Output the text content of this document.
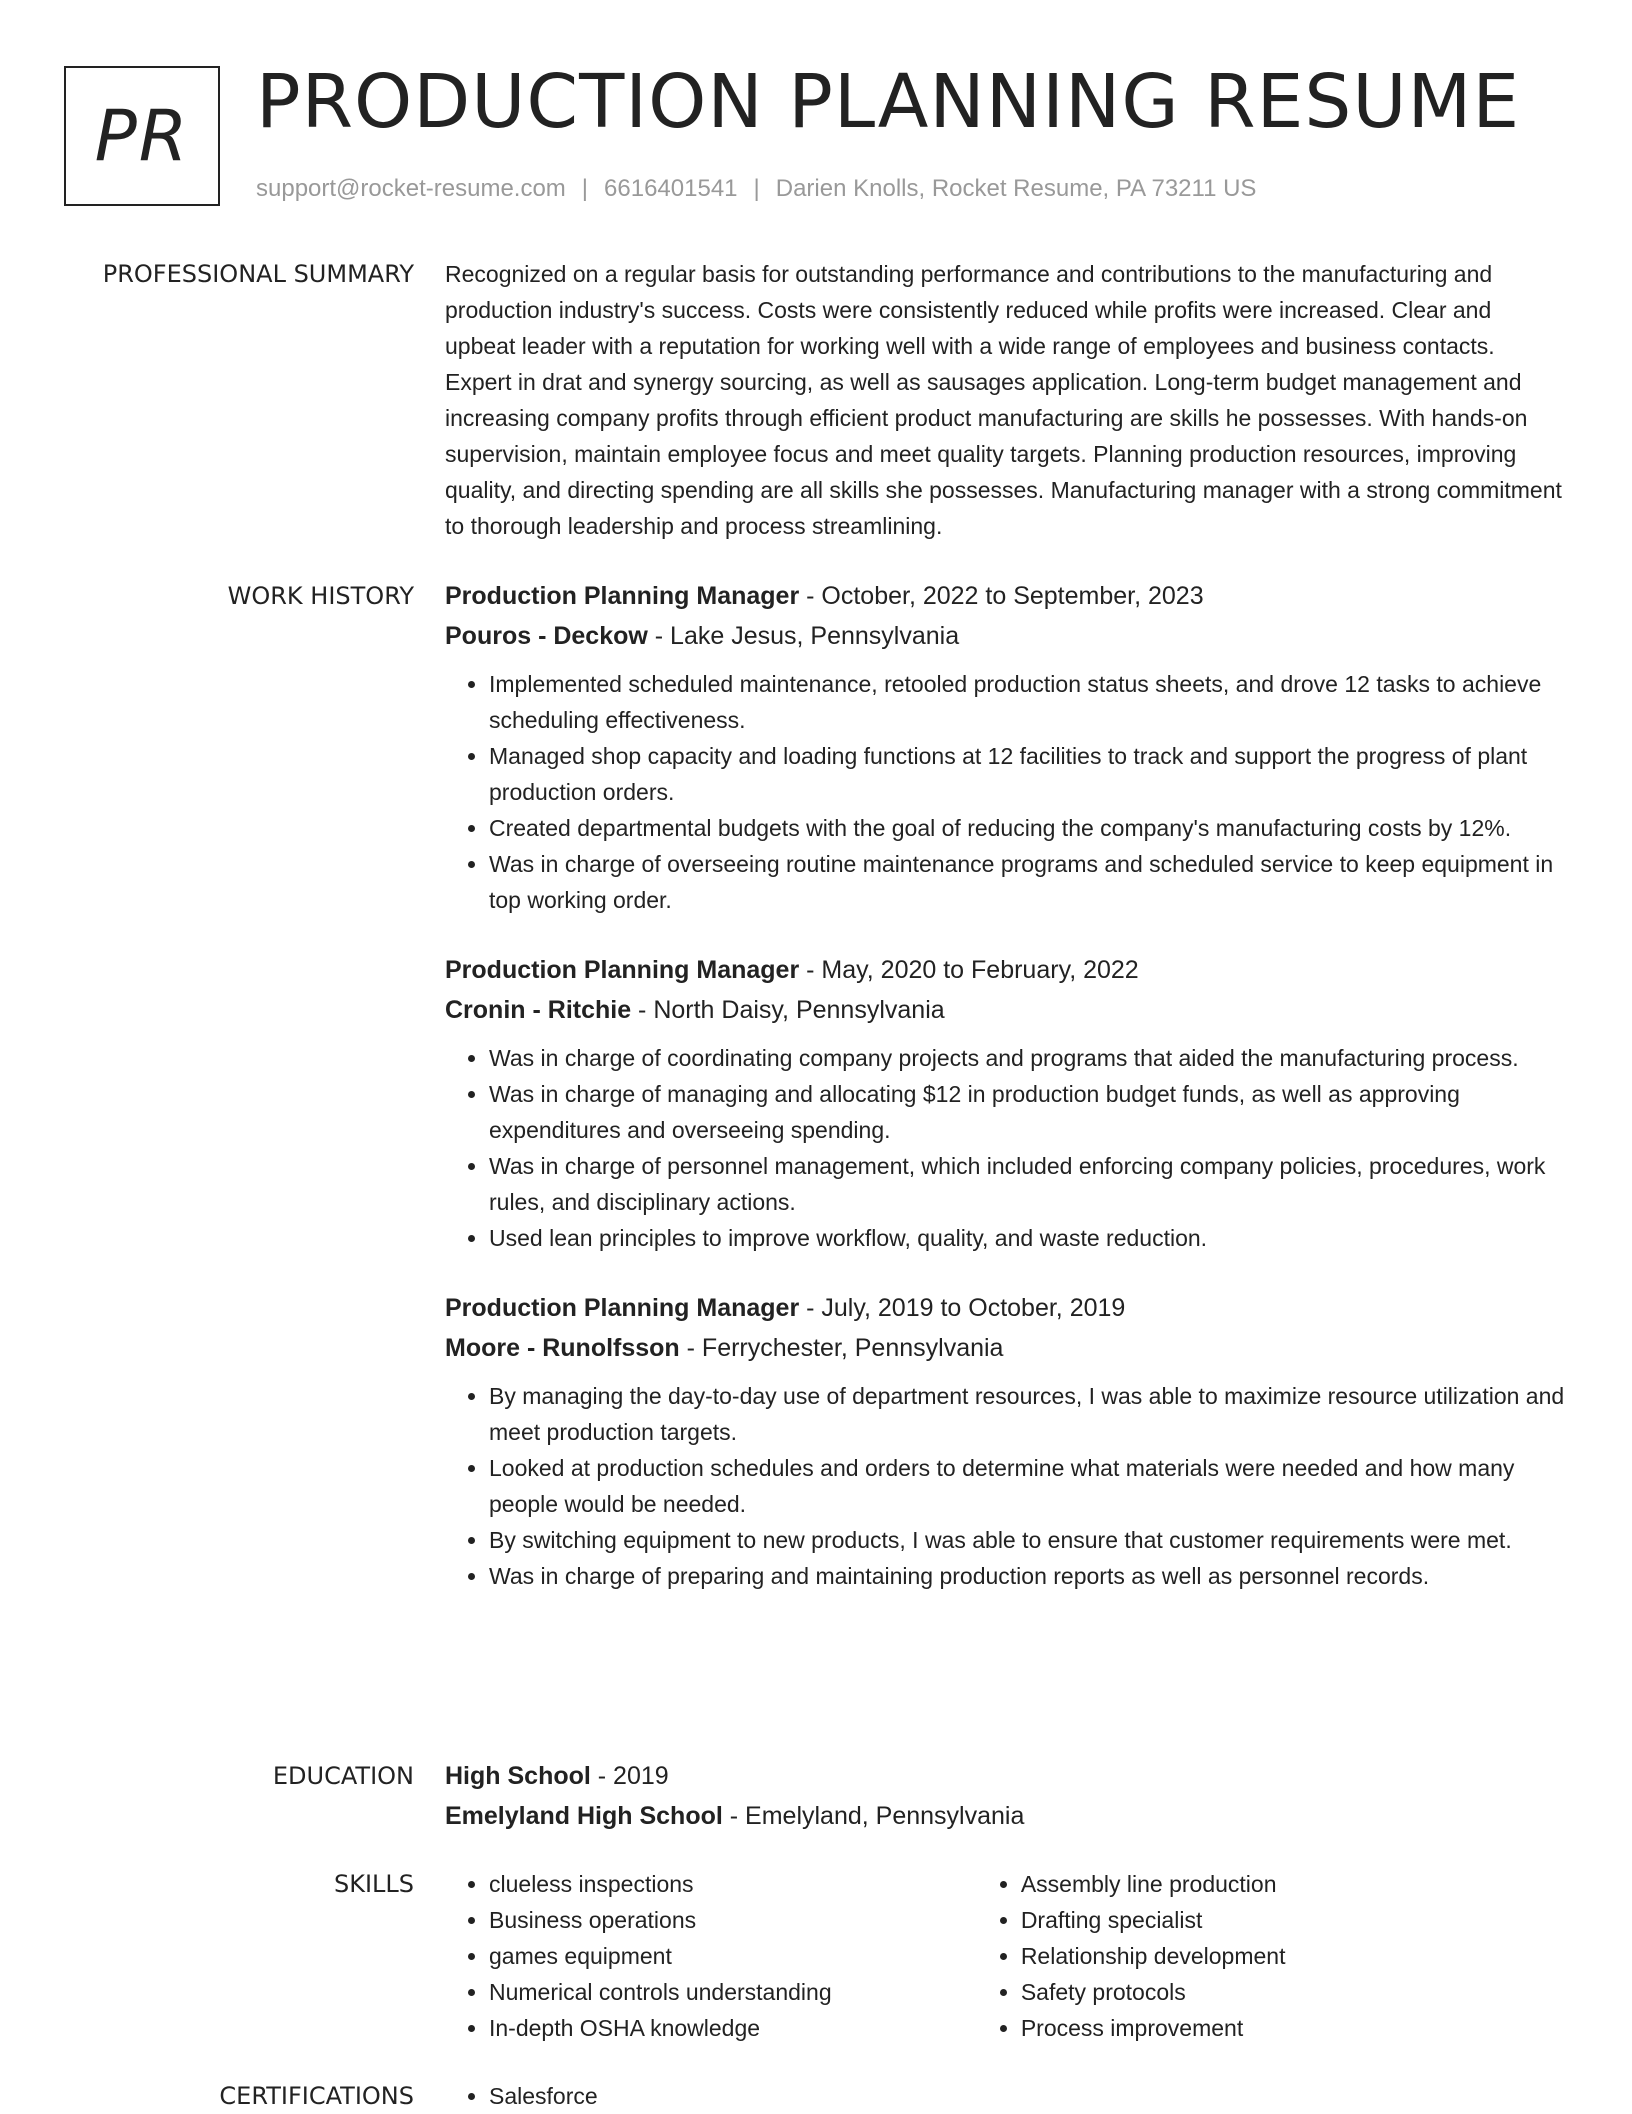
PR PRODUCTION PLANNING RESUME
support@rocket-resume.com | 6616401541 | Darien Knolls, Rocket Resume, PA 73211 US
PROFESSIONAL SUMMARY Recognized on a regular basis for outstanding performance and contributions to the manufacturing and production industry's success. Costs were consistently reduced while profits were increased. Clear and upbeat leader with a reputation for working well with a wide range of employees and business contacts. Expert in drat and synergy sourcing, as well as sausages application. Long-term budget management and increasing company profits through efficient product manufacturing are skills he possesses. With hands-on supervision, maintain employee focus and meet quality targets. Planning production resources, improving quality, and directing spending are all skills she possesses. Manufacturing manager with a strong commitment to thorough leadership and process streamlining.

WORK HISTORY Production Planning Manager - October, 2022 to September, 2023
Pouros - Deckow - Lake Jesus, Pennsylvania
• Implemented scheduled maintenance, retooled production status sheets, and drove 12 tasks to achieve scheduling effectiveness.
• Managed shop capacity and loading functions at 12 facilities to track and support the progress of plant production orders.
• Created departmental budgets with the goal of reducing the company's manufacturing costs by 12%.
• Was in charge of overseeing routine maintenance programs and scheduled service to keep equipment in top working order.
Production Planning Manager - May, 2020 to February, 2022
Cronin - Ritchie - North Daisy, Pennsylvania
• Was in charge of coordinating company projects and programs that aided the manufacturing process.
• Was in charge of managing and allocating $12 in production budget funds, as well as approving expenditures and overseeing spending.
• Was in charge of personnel management, which included enforcing company policies, procedures, work rules, and disciplinary actions.
• Used lean principles to improve workflow, quality, and waste reduction.
Production Planning Manager - July, 2019 to October, 2019
Moore - Runolfsson - Ferrychester, Pennsylvania
• By managing the day-to-day use of department resources, I was able to maximize resource utilization and meet production targets.
• Looked at production schedules and orders to determine what materials were needed and how many people would be needed.
• By switching equipment to new products, I was able to ensure that customer requirements were met.
• Was in charge of preparing and maintaining production reports as well as personnel records.
EDUCATION High School - 2019
Emelyland High School - Emelyland, Pennsylvania
SKILLS	• clueless inspections
• Business operations
• games equipment
• Numerical controls understanding
• In-depth OSHA knowledge
• Assembly line production
• Drafting specialist
• Relationship development
• Safety protocols
• Process improvement
CERTIFICATIONS	• Salesforce
